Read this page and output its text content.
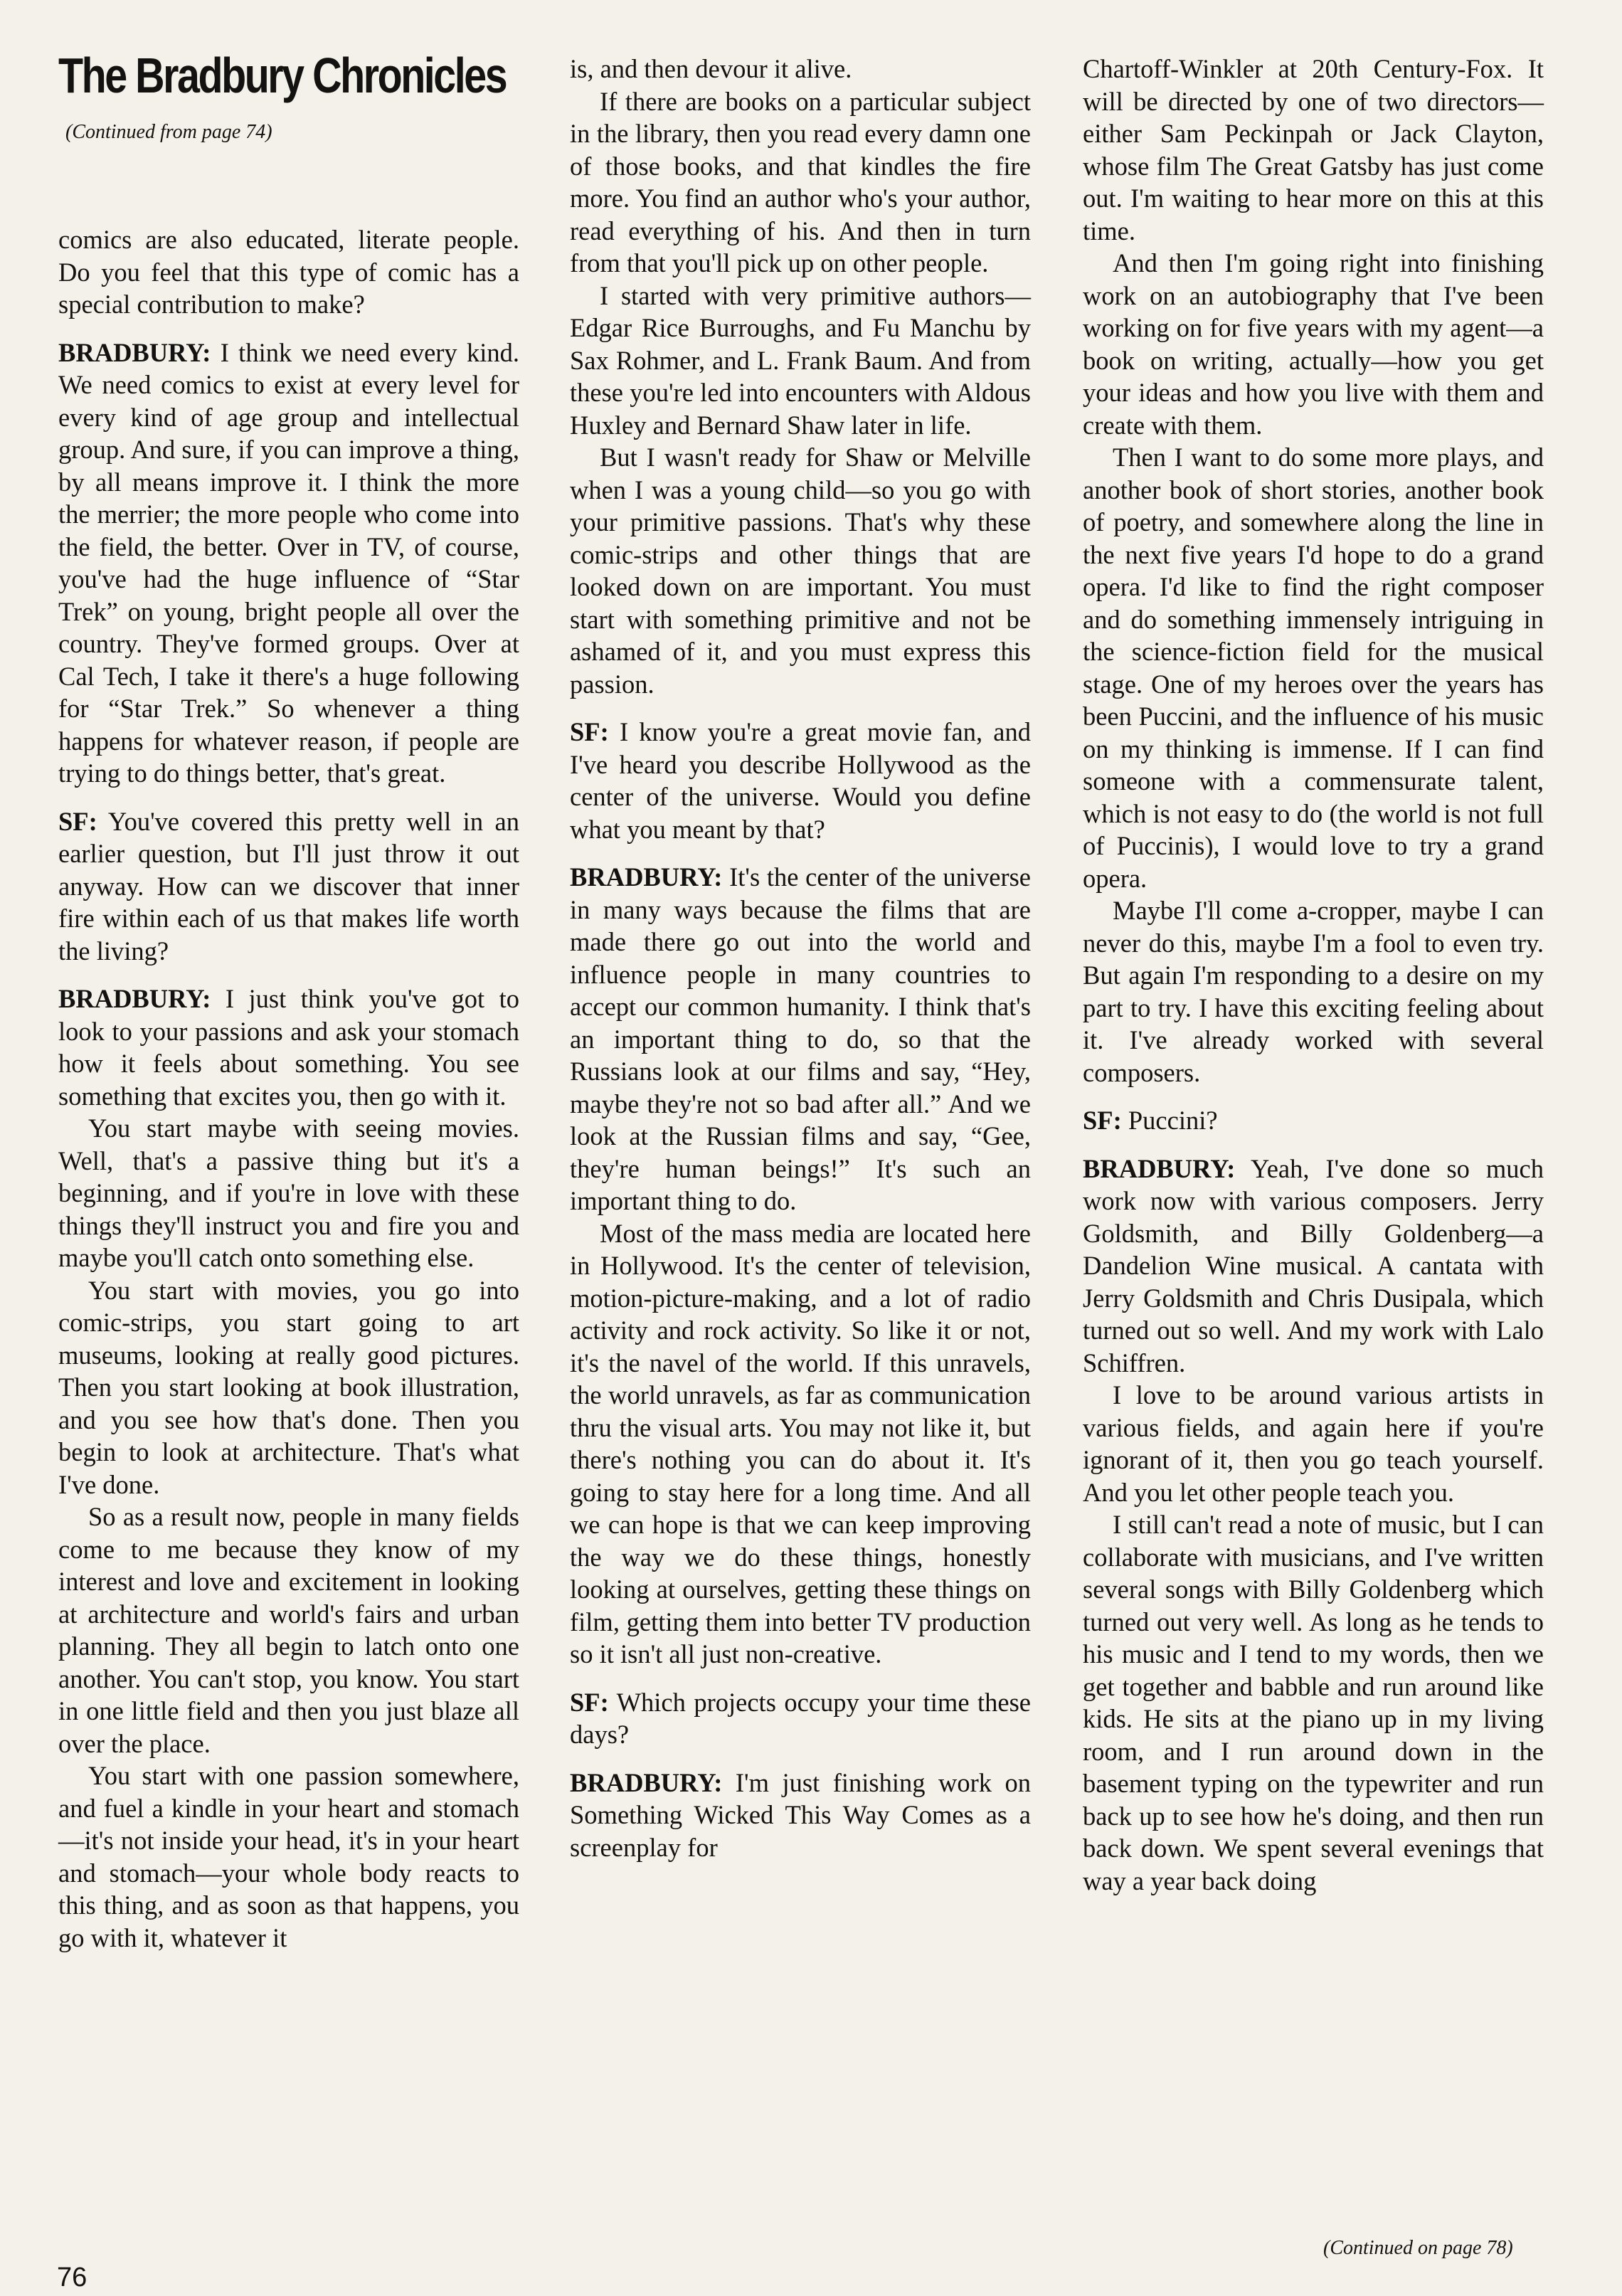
The Bradbury Chronicles
(Continued from page 74)

comics are also educated, literate people. Do you feel that this type of comic has a special contribution to make?

BRADBURY: I think we need every kind. We need comics to exist at every level for every kind of age group and intellectual group. And sure, if you can improve a thing, by all means improve it. I think the more the merrier; the more people who come into the field, the better. Over in TV, of course, you've had the huge influence of “Star Trek” on young, bright people all over the country. They've formed groups. Over at Cal Tech, I take it there's a huge following for “Star Trek.” So whenever a thing happens for whatever reason, if people are trying to do things better, that's great.

SF: You've covered this pretty well in an earlier question, but I'll just throw it out anyway. How can we discover that inner fire within each of us that makes life worth the living?

BRADBURY: I just think you've got to look to your passions and ask your stomach how it feels about something. You see something that excites you, then go with it.

You start maybe with seeing movies. Well, that's a passive thing but it's a beginning, and if you're in love with these things they'll instruct you and fire you and maybe you'll catch onto something else.

You start with movies, you go into comic-strips, you start going to art museums, looking at really good pictures. Then you start looking at book illustration, and you see how that's done. Then you begin to look at architecture. That's what I've done.

So as a result now, people in many fields come to me because they know of my interest and love and excitement in looking at architecture and world's fairs and urban planning. They all begin to latch onto one another. You can't stop, you know. You start in one little field and then you just blaze all over the place.

You start with one passion somewhere, and fuel a kindle in your heart and stomach—it's not inside your head, it's in your heart and stomach—your whole body reacts to this thing, and as soon as that happens, you go with it, whatever it

is, and then devour it alive.

If there are books on a particular subject in the library, then you read every damn one of those books, and that kindles the fire more. You find an author who's your author, read everything of his. And then in turn from that you'll pick up on other people.

I started with very primitive authors—Edgar Rice Burroughs, and Fu Manchu by Sax Rohmer, and L. Frank Baum. And from these you're led into encounters with Aldous Huxley and Bernard Shaw later in life.

But I wasn't ready for Shaw or Melville when I was a young child—so you go with your primitive passions. That's why these comic-strips and other things that are looked down on are important. You must start with something primitive and not be ashamed of it, and you must express this passion.

SF: I know you're a great movie fan, and I've heard you describe Hollywood as the center of the universe. Would you define what you meant by that?

BRADBURY: It's the center of the universe in many ways because the films that are made there go out into the world and influence people in many countries to accept our common humanity. I think that's an important thing to do, so that the Russians look at our films and say, “Hey, maybe they're not so bad after all.” And we look at the Russian films and say, “Gee, they're human beings!” It's such an important thing to do.

Most of the mass media are located here in Hollywood. It's the center of television, motion-picture-making, and a lot of radio activity and rock activity. So like it or not, it's the navel of the world. If this unravels, the world unravels, as far as communication thru the visual arts. You may not like it, but there's nothing you can do about it. It's going to stay here for a long time. And all we can hope is that we can keep improving the way we do these things, honestly looking at ourselves, getting these things on film, getting them into better TV production so it isn't all just non-creative.

SF: Which projects occupy your time these days?

BRADBURY: I'm just finishing work on Something Wicked This Way Comes as a screenplay for

Chartoff-Winkler at 20th Century-Fox. It will be directed by one of two directors—either Sam Peckinpah or Jack Clayton, whose film The Great Gatsby has just come out. I'm waiting to hear more on this at this time.

And then I'm going right into finishing work on an autobiography that I've been working on for five years with my agent—a book on writing, actually—how you get your ideas and how you live with them and create with them.

Then I want to do some more plays, and another book of short stories, another book of poetry, and somewhere along the line in the next five years I'd hope to do a grand opera. I'd like to find the right composer and do something immensely intriguing in the science-fiction field for the musical stage. One of my heroes over the years has been Puccini, and the influence of his music on my thinking is immense. If I can find someone with a commensurate talent, which is not easy to do (the world is not full of Puccinis), I would love to try a grand opera.

Maybe I'll come a-cropper, maybe I can never do this, maybe I'm a fool to even try. But again I'm responding to a desire on my part to try. I have this exciting feeling about it. I've already worked with several composers.

SF: Puccini?

BRADBURY: Yeah, I've done so much work now with various composers. Jerry Goldsmith, and Billy Goldenberg—a Dandelion Wine musical. A cantata with Jerry Goldsmith and Chris Dusipala, which turned out so well. And my work with Lalo Schiffren.

I love to be around various artists in various fields, and again here if you're ignorant of it, then you go teach yourself. And you let other people teach you.

I still can't read a note of music, but I can collaborate with musicians, and I've written several songs with Billy Goldenberg which turned out very well. As long as he tends to his music and I tend to my words, then we get together and babble and run around like kids. He sits at the piano up in my living room, and I run around down in the basement typing on the typewriter and run back up to see how he's doing, and then run back down. We spent several evenings that way a year back doing

76
(Continued on page 78)
